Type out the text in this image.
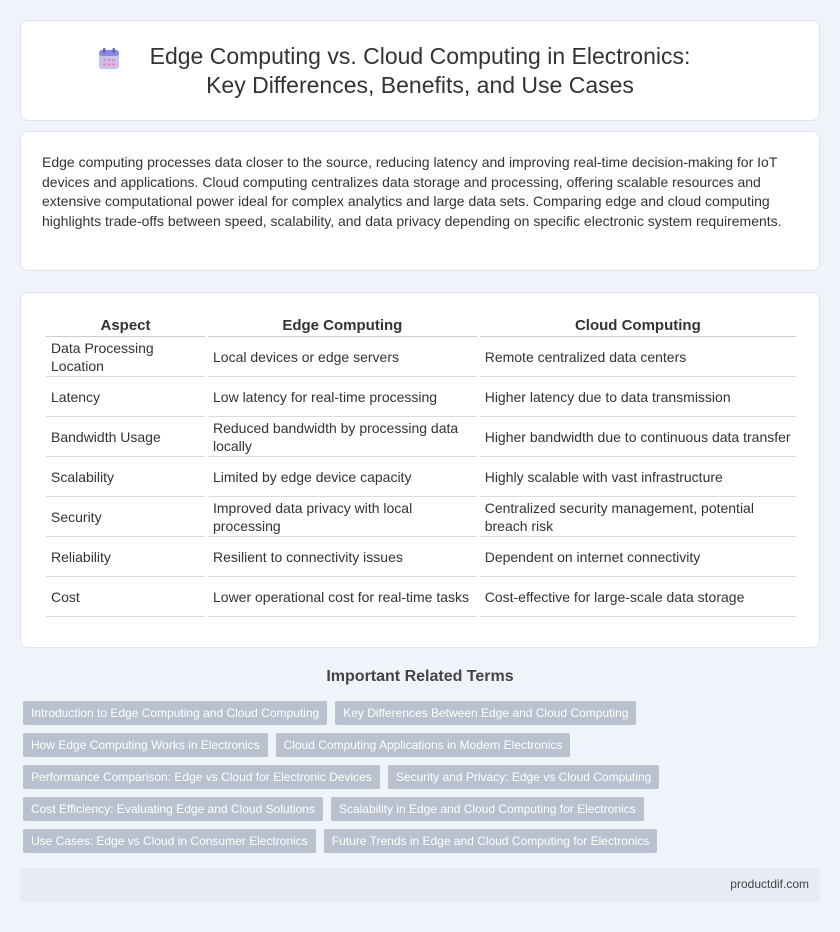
Edge Computing vs. Cloud Computing in Electronics: Key Differences, Benefits, and Use Cases

Edge computing processes data closer to the source, reducing latency and improving real-time decision-making for IoT devices and applications. Cloud computing centralizes data storage and processing, offering scalable resources and extensive computational power ideal for complex analytics and large data sets. Comparing edge and cloud computing highlights trade-offs between speed, scalability, and data privacy depending on specific electronic system requirements.

Aspect	Edge Computing	Cloud Computing
Data Processing Location	Local devices or edge servers	Remote centralized data centers
Latency	Low latency for real-time processing	Higher latency due to data transmission
Bandwidth Usage	Reduced bandwidth by processing data locally	Higher bandwidth due to continuous data transfer
Scalability	Limited by edge device capacity	Highly scalable with vast infrastructure
Security	Improved data privacy with local processing	Centralized security management, potential breach risk
Reliability	Resilient to connectivity issues	Dependent on internet connectivity
Cost	Lower operational cost for real-time tasks	Cost-effective for large-scale data storage
Important Related Terms
Introduction to Edge Computing and Cloud Computing	Key Differences Between Edge and Cloud Computing
How Edge Computing Works in Electronics	Cloud Computing Applications in Modern Electronics
Performance Comparison: Edge vs Cloud for Electronic Devices	Security and Privacy: Edge vs Cloud Computing
Cost Efficiency: Evaluating Edge and Cloud Solutions	Scalability in Edge and Cloud Computing for Electronics
Use Cases: Edge vs Cloud in Consumer Electronics	Future Trends in Edge and Cloud Computing for Electronics
productdif.com
